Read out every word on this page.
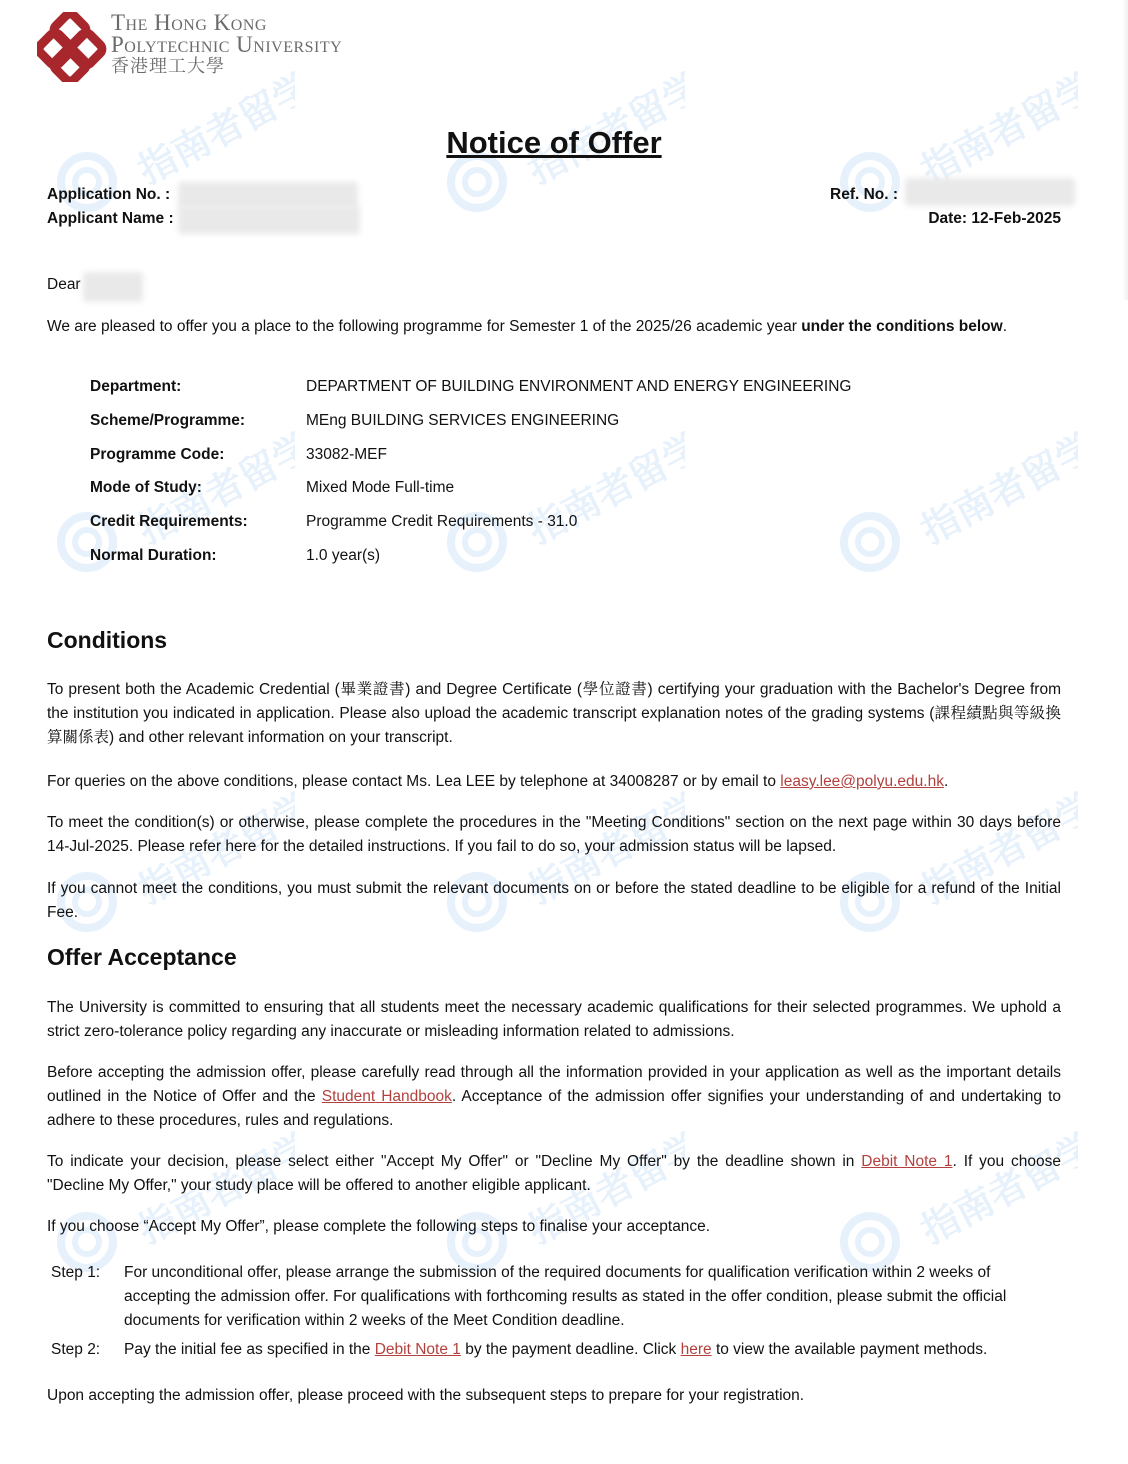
指南者留学	指南者留学	指南者留学
指南者留学	指南者留学	指南者留学
指南者留学	指南者留学	指南者留学
指南者留学	指南者留学	指南者留学
The Hong Kong
Polytechnic University
香港理工大學
Notice of Offer
Application No. :
Applicant Name :
Ref. No. :
Date: 12-Feb-2025
Dear
We are pleased to offer you a place to the following programme for Semester 1 of the 2025/26 academic year under the conditions below.
Department:	DEPARTMENT OF BUILDING ENVIRONMENT AND ENERGY ENGINEERING
Scheme/Programme:	MEng BUILDING SERVICES ENGINEERING
Programme Code:	33082-MEF
Mode of Study:	Mixed Mode Full-time
Credit Requirements:	Programme Credit Requirements - 31.0
Normal Duration:	1.0 year(s)
Conditions
To present both the Academic Credential (畢業證書) and Degree Certificate (學位證書) certifying your graduation with the Bachelor's Degree from the institution you indicated in application. Please also upload the academic transcript explanation notes of the grading systems (課程績點與等級換算關係表) and other relevant information on your transcript.
For queries on the above conditions, please contact Ms. Lea LEE by telephone at 34008287 or by email to leasy.lee@polyu.edu.hk.
To meet the condition(s) or otherwise, please complete the procedures in the "Meeting Conditions" section on the next page within 30 days before 14-Jul-2025. Please refer here for the detailed instructions. If you fail to do so, your admission status will be lapsed.
If you cannot meet the conditions, you must submit the relevant documents on or before the stated deadline to be eligible for a refund of the Initial Fee.
Offer Acceptance
The University is committed to ensuring that all students meet the necessary academic qualifications for their selected programmes. We uphold a strict zero-tolerance policy regarding any inaccurate or misleading information related to admissions.
Before accepting the admission offer, please carefully read through all the information provided in your application as well as the important details outlined in the Notice of Offer and the Student Handbook. Acceptance of the admission offer signifies your understanding of and undertaking to adhere to these procedures, rules and regulations.
To indicate your decision, please select either "Accept My Offer" or "Decline My Offer" by the deadline shown in Debit Note 1. If you choose "Decline My Offer," your study place will be offered to another eligible applicant.
If you choose “Accept My Offer”, please complete the following steps to finalise your acceptance.
Step 1: For unconditional offer, please arrange the submission of the required documents for qualification verification within 2 weeks of accepting the admission offer. For qualifications with forthcoming results as stated in the offer condition, please submit the official documents for verification within 2 weeks of the Meet Condition deadline.
Step 2: Pay the initial fee as specified in the Debit Note 1 by the payment deadline. Click here to view the available payment methods.
Upon accepting the admission offer, please proceed with the subsequent steps to prepare for your registration.
